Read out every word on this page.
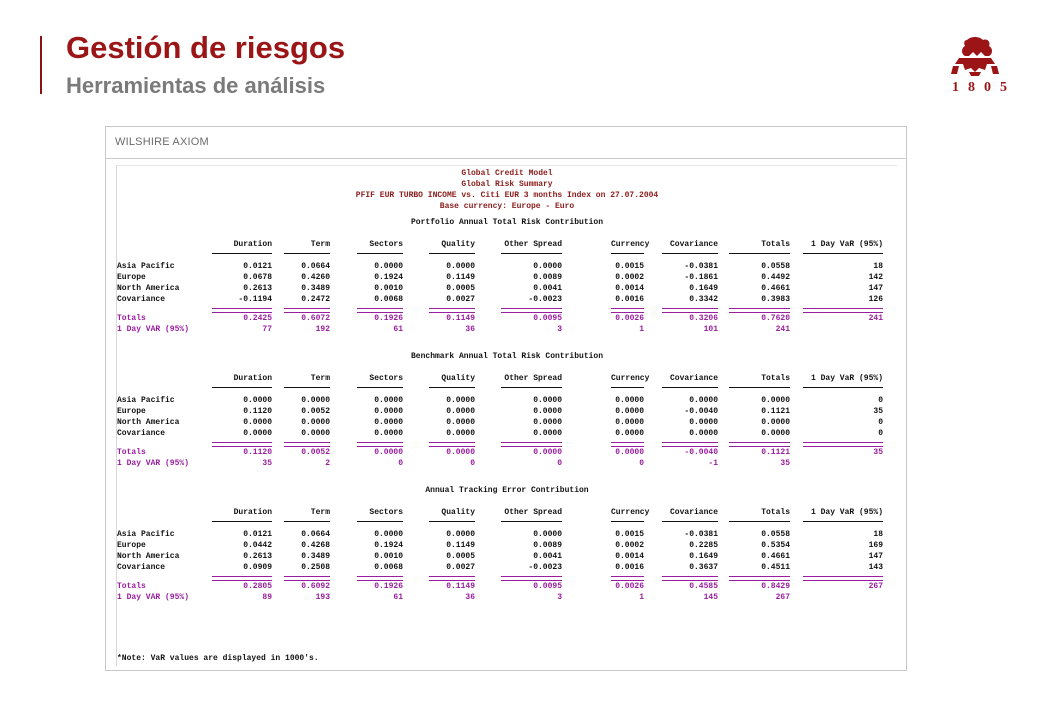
Gestión de riesgos
Herramientas de análisis	1805
WILSHIRE AXIOM
Global Credit Model
Global Risk Summary
PFIF EUR TURBO INCOME vs. Citi EUR 3 months Index on 27.07.2004
Base currency: Europe - Euro
Portfolio Annual Total Risk Contribution
Duration	Term	Sectors	Quality	Other Spread	Currency	Covariance	Totals	1 Day VaR (95%)
Asia Pacific	0.0121	0.0664	0.0000	0.0000	0.0000	0.0015	-0.0381	0.0558	18
Europe	0.0678	0.4260	0.1924	0.1149	0.0089	0.0002	-0.1861	0.4492	142
North America	0.2613	0.3489	0.0010	0.0005	0.0041	0.0014	0.1649	0.4661	147
Covariance	-0.1194	0.2472	0.0068	0.0027	-0.0023	0.0016	0.3342	0.3983	126
Totals	0.2425	0.6072	0.1926	0.1149	0.0095	0.0026	0.3206	0.7620	241
1 Day VAR (95%)	77	192	61	36	3	1	101	241
Benchmark Annual Total Risk Contribution
Duration	Term	Sectors	Quality	Other Spread	Currency	Covariance	Totals	1 Day VaR (95%)
Asia Pacific	0.0000	0.0000	0.0000	0.0000	0.0000	0.0000	0.0000	0.0000	0
Europe	0.1120	0.0052	0.0000	0.0000	0.0000	0.0000	-0.0040	0.1121	35
North America	0.0000	0.0000	0.0000	0.0000	0.0000	0.0000	0.0000	0.0000	0
Covariance	0.0000	0.0000	0.0000	0.0000	0.0000	0.0000	0.0000	0.0000	0
Totals	0.1120	0.0052	0.0000	0.0000	0.0000	0.0000	-0.0040	0.1121	35
1 Day VAR (95%)	35	2	0	0	0	0	-1	35
Annual Tracking Error Contribution
Duration	Term	Sectors	Quality	Other Spread	Currency	Covariance	Totals	1 Day VaR (95%)
Asia Pacific	0.0121	0.0664	0.0000	0.0000	0.0000	0.0015	-0.0381	0.0558	18
Europe	0.0442	0.4268	0.1924	0.1149	0.0089	0.0002	0.2285	0.5354	169
North America	0.2613	0.3489	0.0010	0.0005	0.0041	0.0014	0.1649	0.4661	147
Covariance	0.0909	0.2508	0.0068	0.0027	-0.0023	0.0016	0.3637	0.4511	143
Totals	0.2805	0.6092	0.1926	0.1149	0.0095	0.0026	0.4585	0.8429	267
1 Day VAR (95%)	89	193	61	36	3	1	145	267
*Note: VaR values are displayed in 1000's.
